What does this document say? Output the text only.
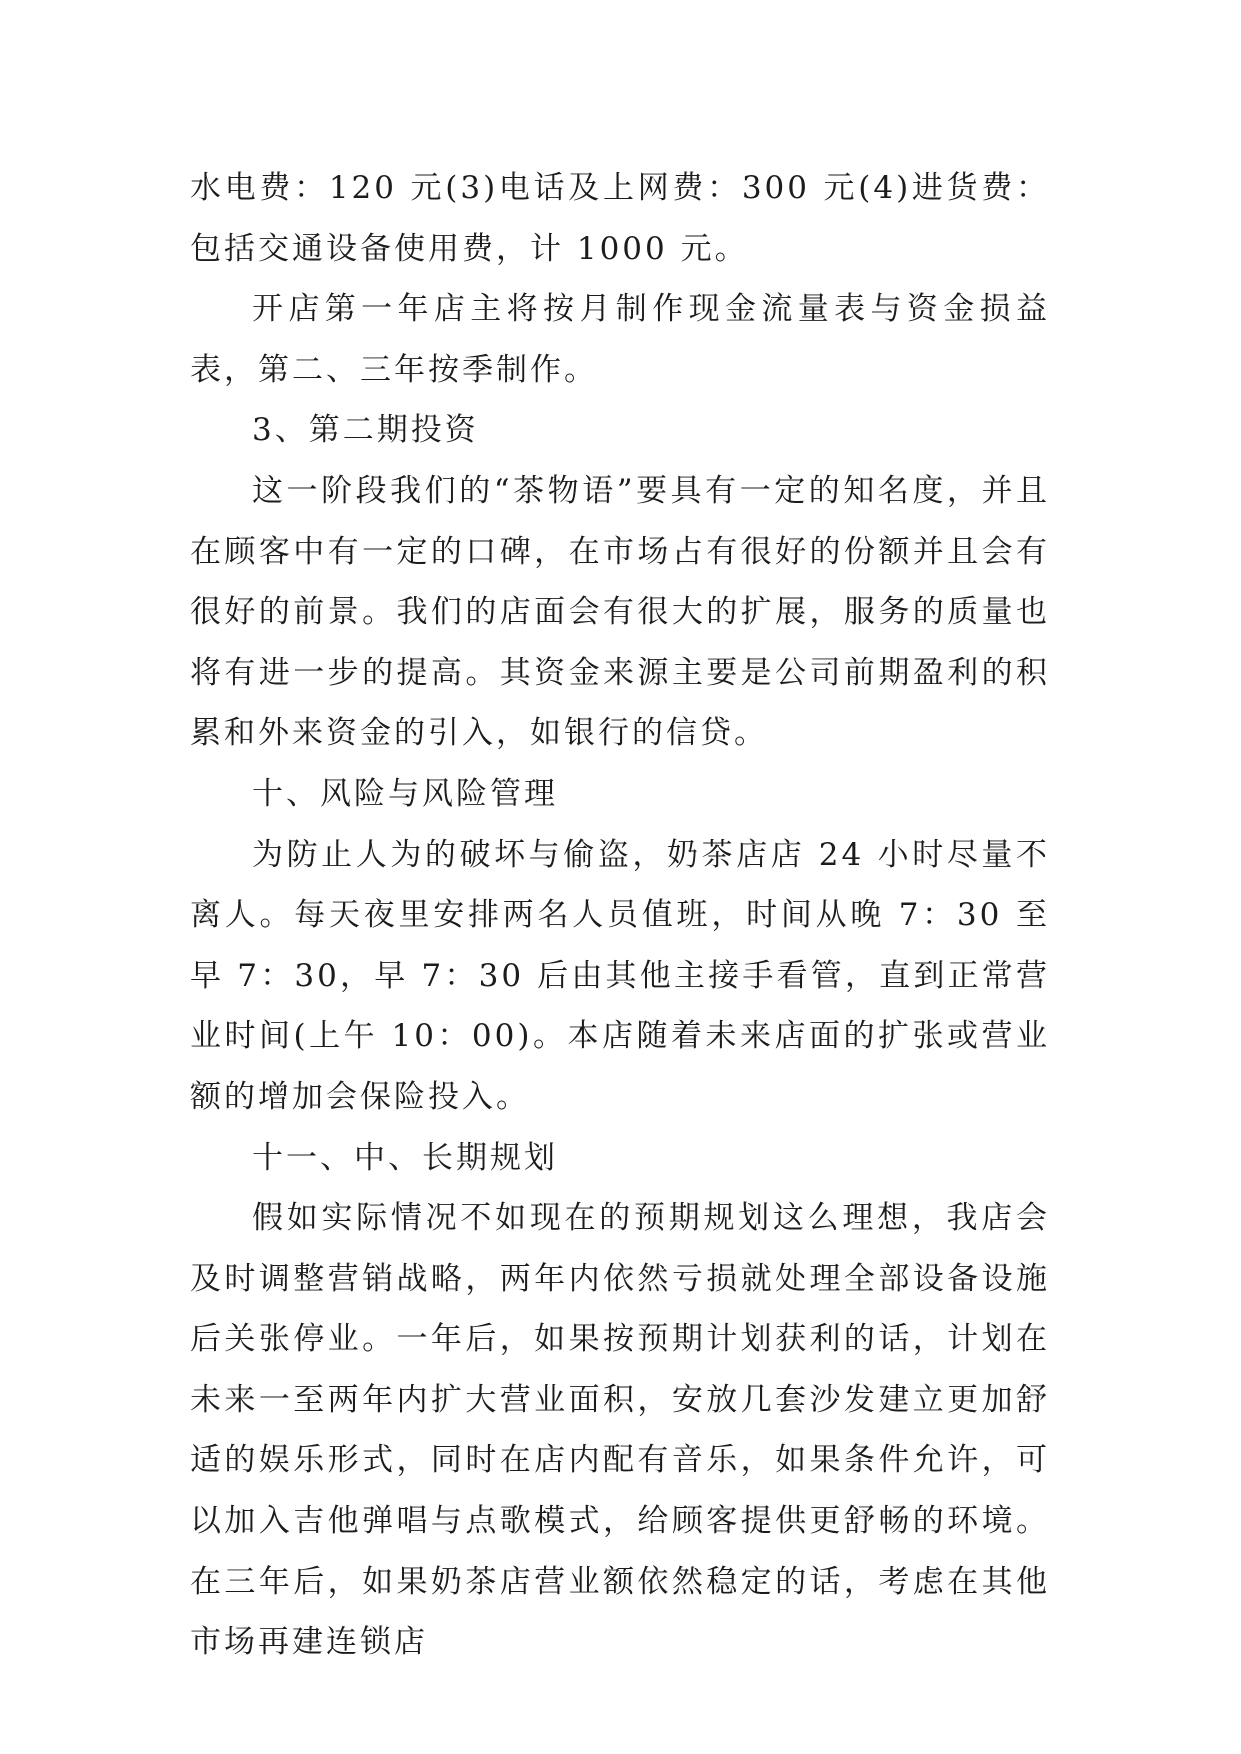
水电费：120 元(3)电话及上网费：300 元(4)进货费：包括交通设备使用费，计 1000 元。

开店第一年店主将按月制作现金流量表与资金损益表，第二、三年按季制作。

3、第二期投资

这一阶段我们的“茶物语”要具有一定的知名度，并且在顾客中有一定的口碑，在市场占有很好的份额并且会有很好的前景。我们的店面会有很大的扩展，服务的质量也将有进一步的提高。其资金来源主要是公司前期盈利的积累和外来资金的引入，如银行的信贷。

十、风险与风险管理

为防止人为的破坏与偷盗，奶茶店店 24 小时尽量不离人。每天夜里安排两名人员值班，时间从晚 7：30 至早 7：30，早 7：30 后由其他主接手看管，直到正常营业时间(上午 10：00)。本店随着未来店面的扩张或营业额的增加会保险投入。

十一、中、长期规划

假如实际情况不如现在的预期规划这么理想，我店会及时调整营销战略，两年内依然亏损就处理全部设备设施后关张停业。一年后，如果按预期计划获利的话，计划在未来一至两年内扩大营业面积，安放几套沙发建立更加舒适的娱乐形式，同时在店内配有音乐，如果条件允许，可以加入吉他弹唱与点歌模式，给顾客提供更舒畅的环境。在三年后，如果奶茶店营业额依然稳定的话，考虑在其他市场再建连锁店
